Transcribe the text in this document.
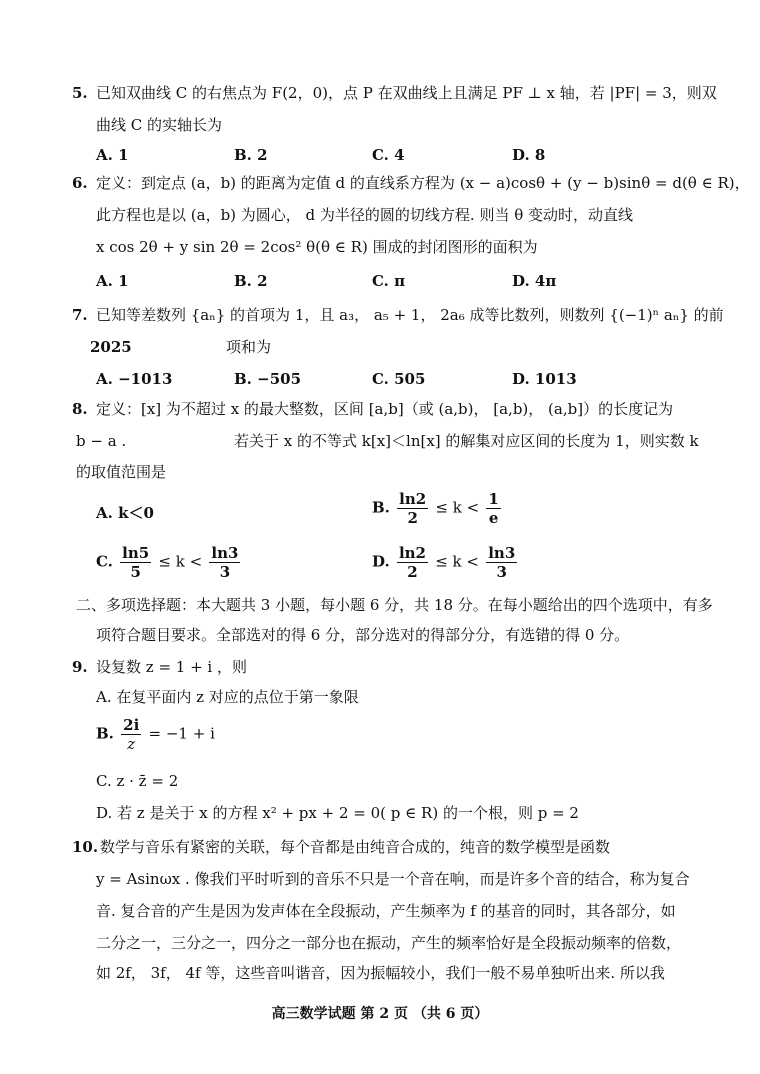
5. 已知双曲线 C 的右焦点为 F(2，0)，点 P 在双曲线上且满足 PF ⊥ x 轴，若 |PF| = 3，则双
曲线 C 的实轴长为
A. 1	B. 2	C. 4	D. 8
6. 定义：到定点 (a，b) 的距离为定值 d 的直线系方程为 (x − a)cosθ + (y − b)sinθ = d(θ ∈ R)，
此方程也是以 (a，b) 为圆心， d 为半径的圆的切线方程. 则当 θ 变动时，动直线
x cos 2θ + y sin 2θ = 2cos² θ(θ ∈ R) 围成的封闭图形的面积为
A. 1	B. 2	C. π	D. 4π
7. 已知等差数列 {aₙ} 的首项为 1，且 a₃， a₅ + 1， 2a₆ 成等比数列，则数列 {(−1)ⁿ aₙ} 的前
2025	项和为
A. −1013	B. −505	C. 505	D. 1013
8. 定义：[x] 为不超过 x 的最大整数，区间 [a,b]（或 (a,b)， [a,b)， (a,b]）的长度记为
b − a .	若关于 x 的不等式 k[x]＜ln[x] 的解集对应区间的长度为 1，则实数 k
的取值范围是
A. k＜0	B. $\frac{\ln 2}{2} \le k < \frac{1}{e}$
C. $\frac{\ln 5}{5} \le k < \frac{\ln 3}{3}$	D. $\frac{\ln 2}{2} \le k < \frac{\ln 3}{3}$
二、多项选择题：本大题共 3 小题，每小题 6 分，共 18 分。在每小题给出的四个选项中，有多
项符合题目要求。全部选对的得 6 分，部分选对的得部分分，有选错的得 0 分。
9. 设复数 z = 1 + i ，则
A. 在复平面内 z 对应的点位于第一象限
B. $\frac{2i}{z} = -1 + i$
C. z · z̄ = 2
D. 若 z 是关于 x 的方程 x² + px + 2 = 0( p ∈ R) 的一个根，则 p = 2
10. 数学与音乐有紧密的关联，每个音都是由纯音合成的，纯音的数学模型是函数
y = Asinωx . 像我们平时听到的音乐不只是一个音在响，而是许多个音的结合，称为复合
音. 复合音的产生是因为发声体在全段振动，产生频率为 f 的基音的同时，其各部分，如
二分之一，三分之一，四分之一部分也在振动，产生的频率恰好是全段振动频率的倍数，
如 2f， 3f， 4f 等，这些音叫谐音，因为振幅较小，我们一般不易单独听出来. 所以我
高三数学试题 第 2 页 （共 6 页）
